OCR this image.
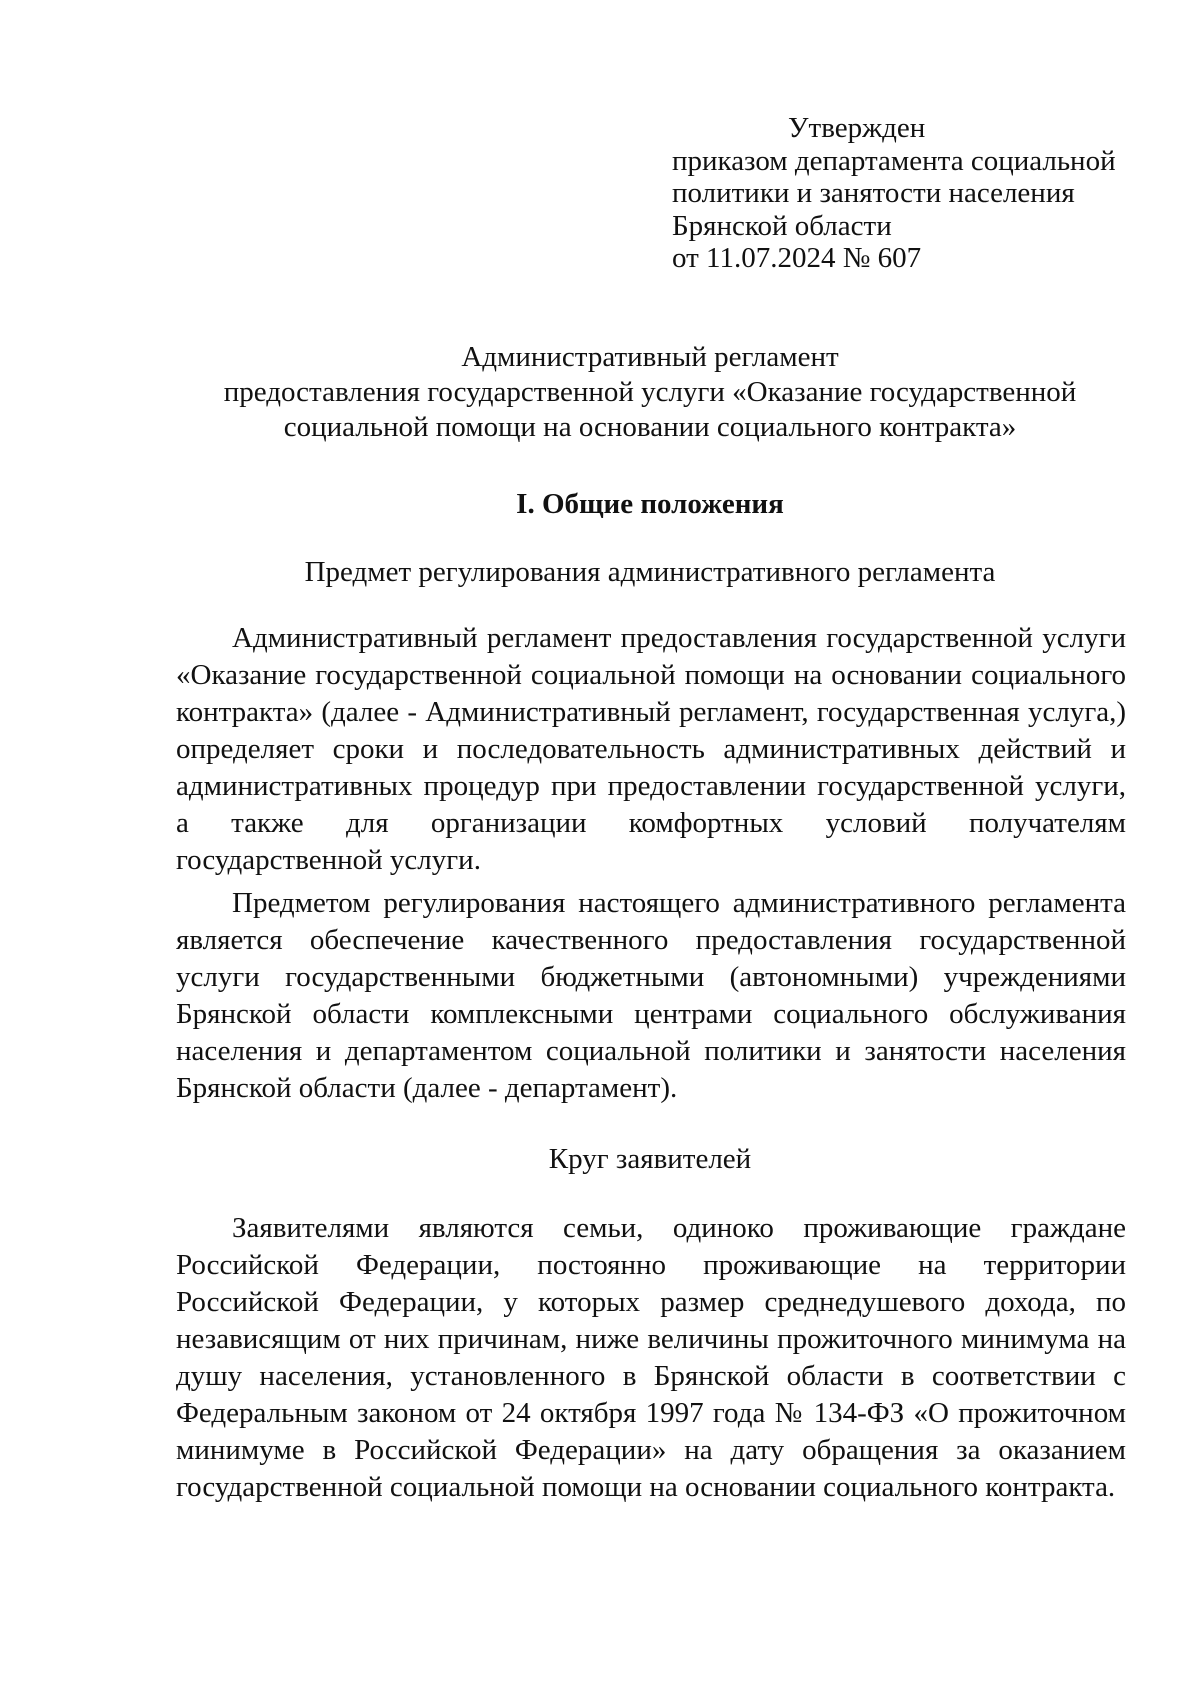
Утвержден
приказом департамента социальной
политики и занятости населения
Брянской области
от 11.07.2024 № 607
Административный регламент
предоставления государственной услуги «Оказание государственной
социальной помощи на основании социального контракта»
I. Общие положения
Предмет регулирования административного регламента

Административный регламент предоставления государственной услуги «Оказание государственной социальной помощи на основании социального контракта» (далее - Административный регламент, государственная услуга,) определяет сроки и последовательность административных действий и административных процедур при предоставлении государственной услуги, а также для организации комфортных условий получателям государственной услуги.

Предметом регулирования настоящего административного регламента является обеспечение качественного предоставления государственной услуги государственными бюджетными (автономными) учреждениями Брянской области комплексными центрами социального обслуживания населения и департаментом социальной политики и занятости населения Брянской области (далее - департамент).

Круг заявителей

Заявителями являются семьи, одиноко проживающие граждане Российской Федерации, постоянно проживающие на территории Российской Федерации, у которых размер среднедушевого дохода, по независящим от них причинам, ниже величины прожиточного минимума на душу населения, установленного в Брянской области в соответствии с Федеральным законом от 24 октября 1997 года № 134-ФЗ «О прожиточном минимуме в Российской Федерации» на дату обращения за оказанием государственной социальной помощи на основании социального контракта.
